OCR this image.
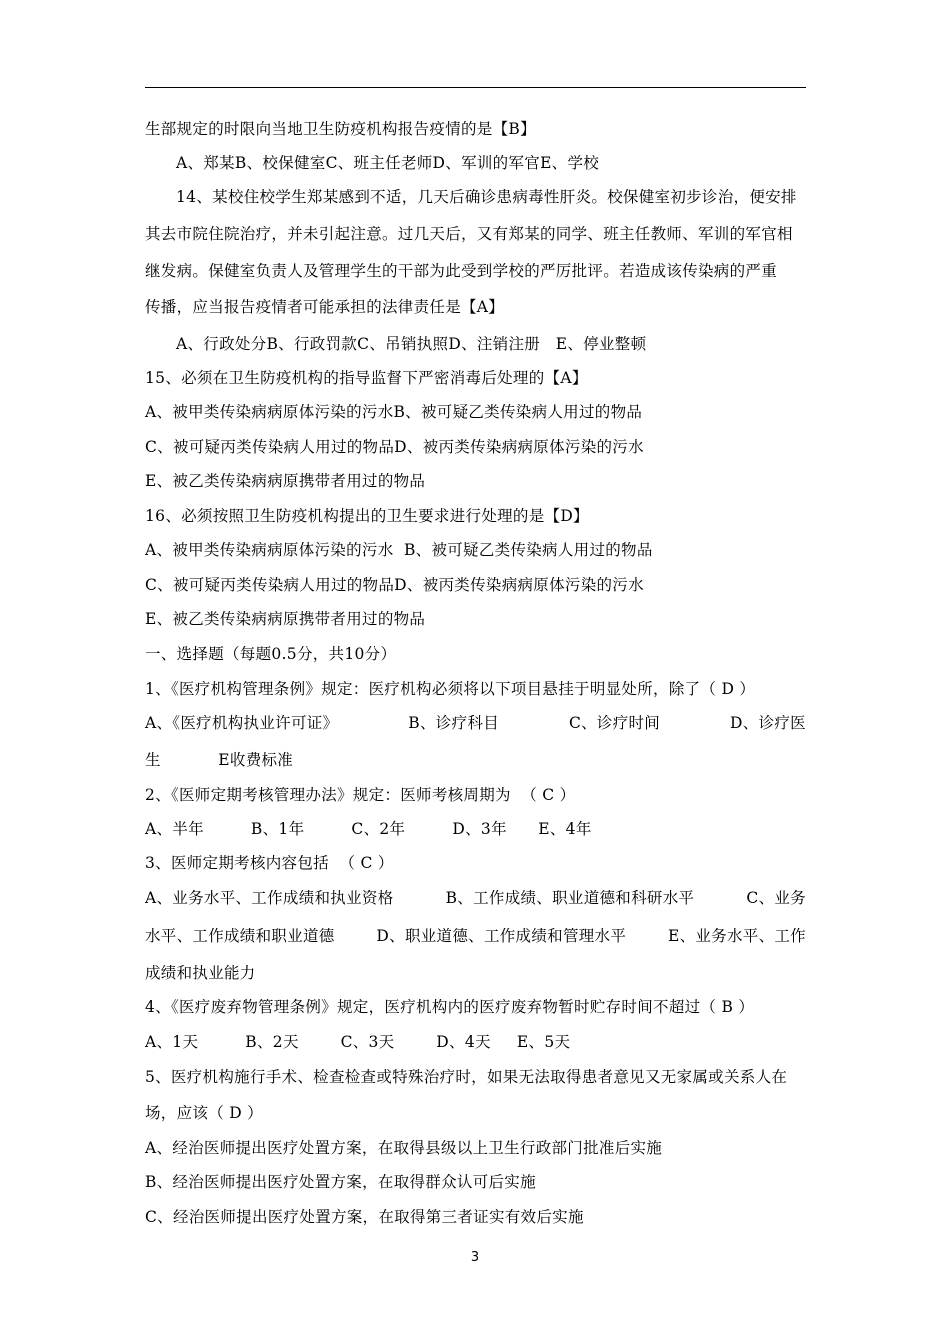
生部规定的时限向当地卫生防疫机构报告疫情的是【B】
A、郑某B、校保健室C、班主任老师D、军训的军官E、学校
14、某校住校学生郑某感到不适，几天后确诊患病毒性肝炎。校保健室初步诊治，便安排
其去市院住院治疗，并未引起注意。过几天后，又有郑某的同学、班主任教师、军训的军官相
继发病。保健室负责人及管理学生的干部为此受到学校的严厉批评。若造成该传染病的严重
传播，应当报告疫情者可能承担的法律责任是【A】
A、行政处分B、行政罚款C、吊销执照D、注销注册   E、停业整顿
15、必须在卫生防疫机构的指导监督下严密消毒后处理的【A】
A、被甲类传染病病原体污染的污水B、被可疑乙类传染病人用过的物品
C、被可疑丙类传染病人用过的物品D、被丙类传染病病原体污染的污水
E、被乙类传染病病原携带者用过的物品
16、必须按照卫生防疫机构提出的卫生要求进行处理的是【D】
A、被甲类传染病病原体污染的污水  B、被可疑乙类传染病人用过的物品
C、被可疑丙类传染病人用过的物品D、被丙类传染病病原体污染的污水
E、被乙类传染病病原携带者用过的物品
一、选择题（每题0.5分，共10分）
1、《医疗机构管理条例》规定：医疗机构必须将以下项目悬挂于明显处所，除了（ D ）
A、《医疗机构执业许可证》	B、诊疗科目	C、诊疗时间	D、诊疗医
生           E收费标准
2、《医师定期考核管理办法》规定：医师考核周期为  （ C ）
A、半年         B、1年         C、2年         D、3年      E、4年
3、医师定期考核内容包括  （ C ）
A、业务水平、工作成绩和执业资格	B、工作成绩、职业道德和科研水平	C、业务
水平、工作成绩和职业道德	D、职业道德、工作成绩和管理水平	E、业务水平、工作
成绩和执业能力
4、《医疗废弃物管理条例》规定，医疗机构内的医疗废弃物暂时贮存时间不超过（ B ）
A、1天         B、2天        C、3天        D、4天     E、5天
5、医疗机构施行手术、检查检查或特殊治疗时，如果无法取得患者意见又无家属或关系人在
场，应该（ D ）
A、经治医师提出医疗处置方案，在取得县级以上卫生行政部门批准后实施
B、经治医师提出医疗处置方案，在取得群众认可后实施
C、经治医师提出医疗处置方案，在取得第三者证实有效后实施
3
